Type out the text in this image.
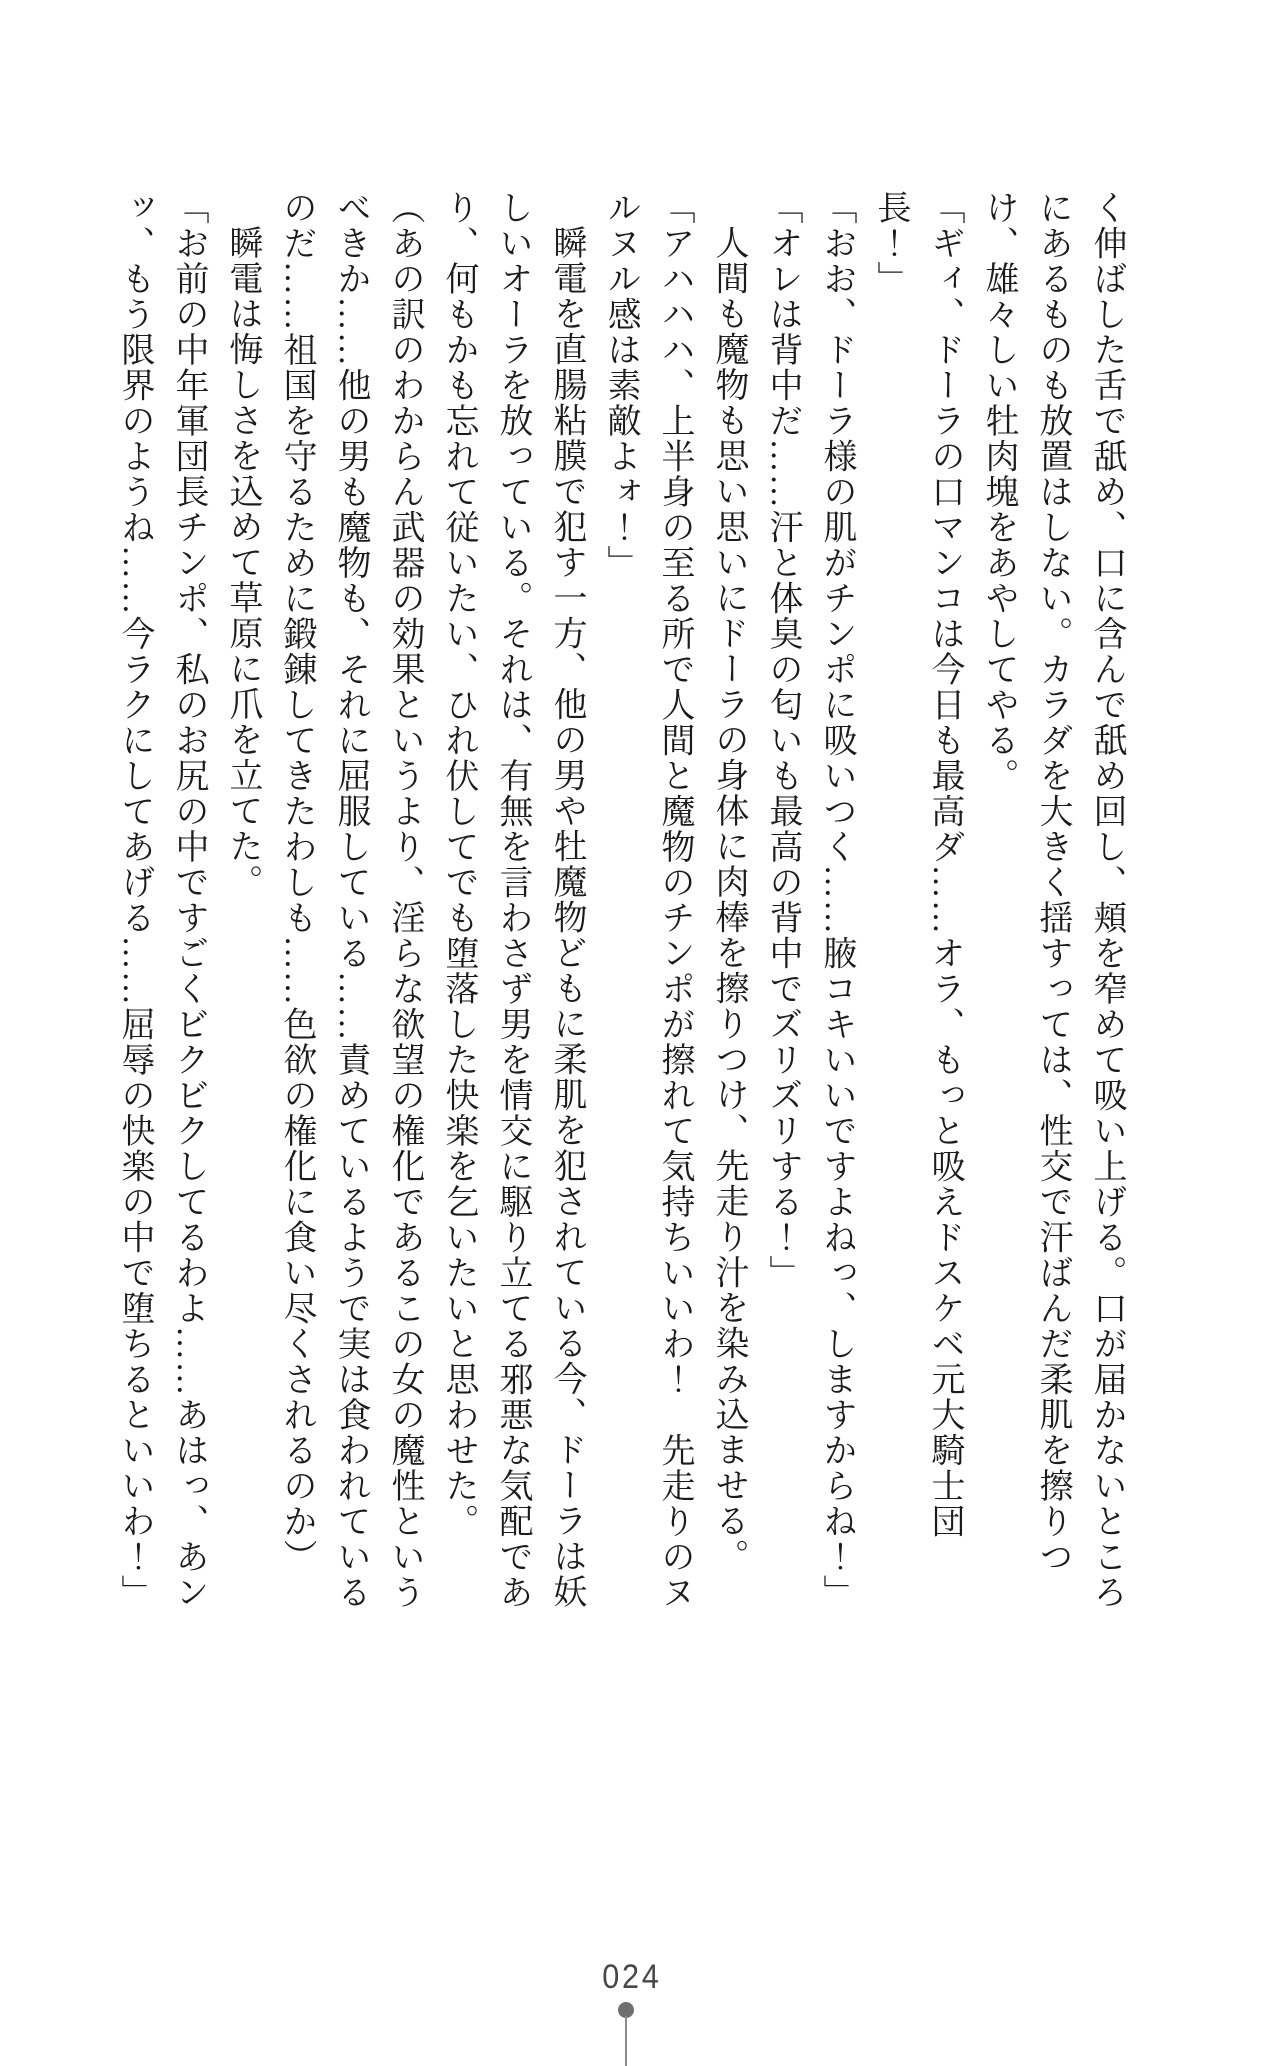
く伸ばした舌で舐め、口に含んで舐め回し、頬を窄めて吸い上げる。口が届かないところにあるものも放置はしない。カラダを大きく揺すっては、性交で汗ばんだ柔肌を擦りつけ、雄々しい牡肉塊をあやしてやる。

「ギィ、ドーラの口マンコは今日も最高ダ……オラ、もっと吸えドスケベ元大騎士団長！」

「おお、ドーラ様の肌がチンポに吸いつく……腋コキいいですよねっ、しますからね！」

「オレは背中だ……汗と体臭の匂いも最高の背中でズリズリする！」

人間も魔物も思い思いにドーラの身体に肉棒を擦りつけ、先走り汁を染み込ませる。

「アハハハ、上半身の至る所で人間と魔物のチンポが擦れて気持ちいいわ！　先走りのヌルヌル感は素敵よォ！」

瞬電を直腸粘膜で犯す一方、他の男や牡魔物どもに柔肌を犯されている今、ドーラは妖しいオーラを放っている。それは、有無を言わさず男を情交に駆り立てる邪悪な気配であり、何もかも忘れて従いたい、ひれ伏してでも堕落した快楽を乞いたいと思わせた。

（あの訳のわからん武器の効果というより、淫らな欲望の権化であるこの女の魔性というべきか……他の男も魔物も、それに屈服している……責めているようで実は食われているのだ……祖国を守るために鍛錬してきたわしも……色欲の権化に食い尽くされるのか）

瞬電は悔しさを込めて草原に爪を立てた。

「お前の中年軍団長チンポ、私のお尻の中ですごくビクビクしてるわよ……あはっ、あンッ、もう限界のようね……今ラクにしてあげる……屈辱の快楽の中で堕ちるといいわ！」

024
